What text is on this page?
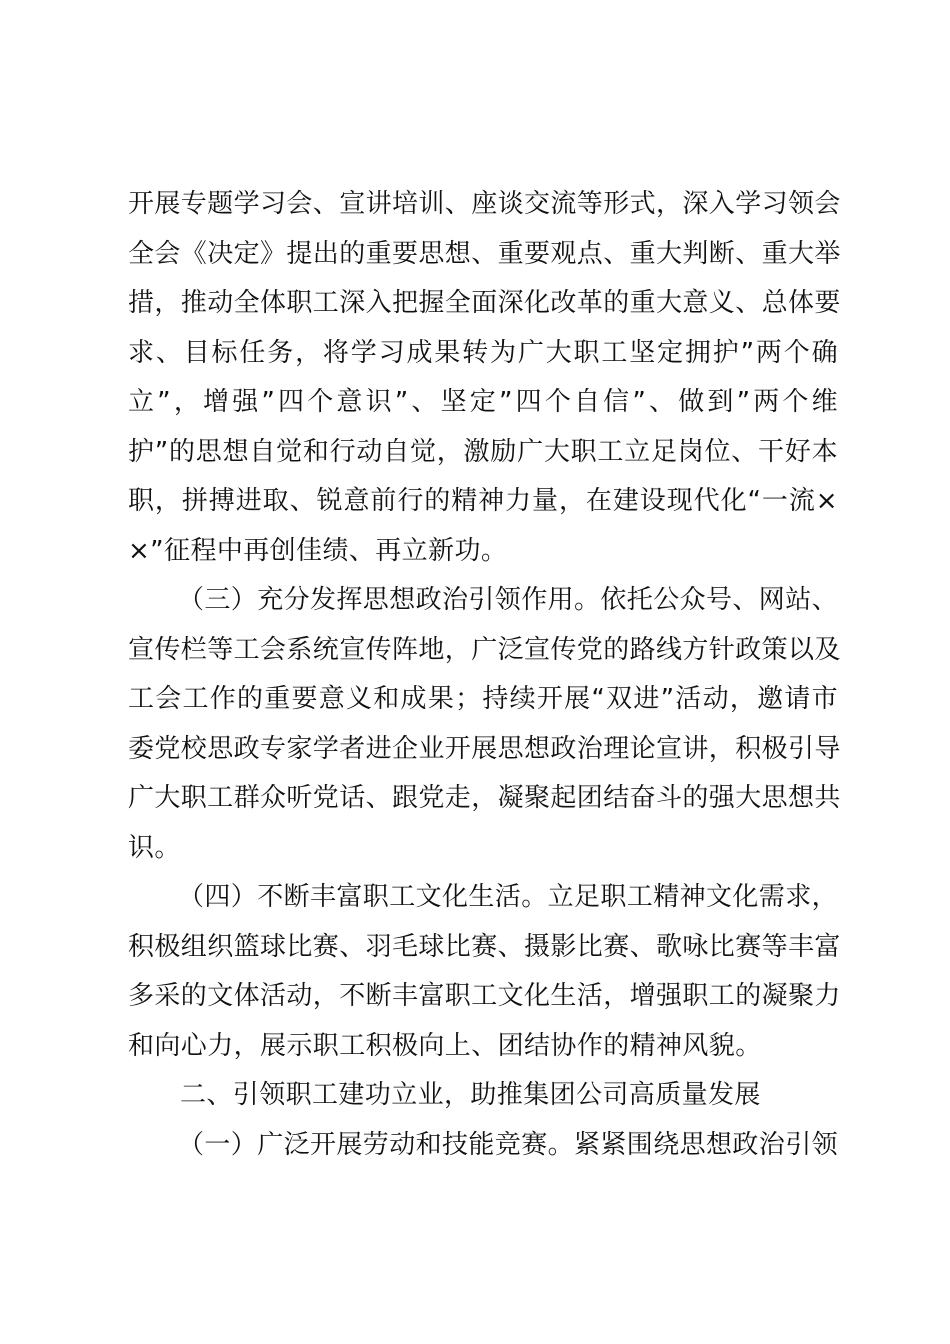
开展专题学习会、宣讲培训、座谈交流等形式，深入学习领会
全会《决定》提出的重要思想、重要观点、重大判断、重大举
措，推动全体职工深入把握全面深化改革的重大意义、总体要
求、目标任务，将学习成果转为广大职工坚定拥护”两个确
立”，增强”四个意识”、坚定”四个自信”、做到”两个维
护”的思想自觉和行动自觉，激励广大职工立足岗位、干好本
职，拼搏进取、锐意前行的精神力量，在建设现代化“一流×
×”征程中再创佳绩、再立新功。
（三）充分发挥思想政治引领作用。依托公众号、网站、
宣传栏等工会系统宣传阵地，广泛宣传党的路线方针政策以及
工会工作的重要意义和成果；持续开展“双进”活动，邀请市
委党校思政专家学者进企业开展思想政治理论宣讲，积极引导
广大职工群众听党话、跟党走，凝聚起团结奋斗的强大思想共
识。
（四）不断丰富职工文化生活。立足职工精神文化需求，
积极组织篮球比赛、羽毛球比赛、摄影比赛、歌咏比赛等丰富
多采的文体活动，不断丰富职工文化生活，增强职工的凝聚力
和向心力，展示职工积极向上、团结协作的精神风貌。
二、引领职工建功立业，助推集团公司高质量发展
（一）广泛开展劳动和技能竞赛。紧紧围绕思想政治引领
